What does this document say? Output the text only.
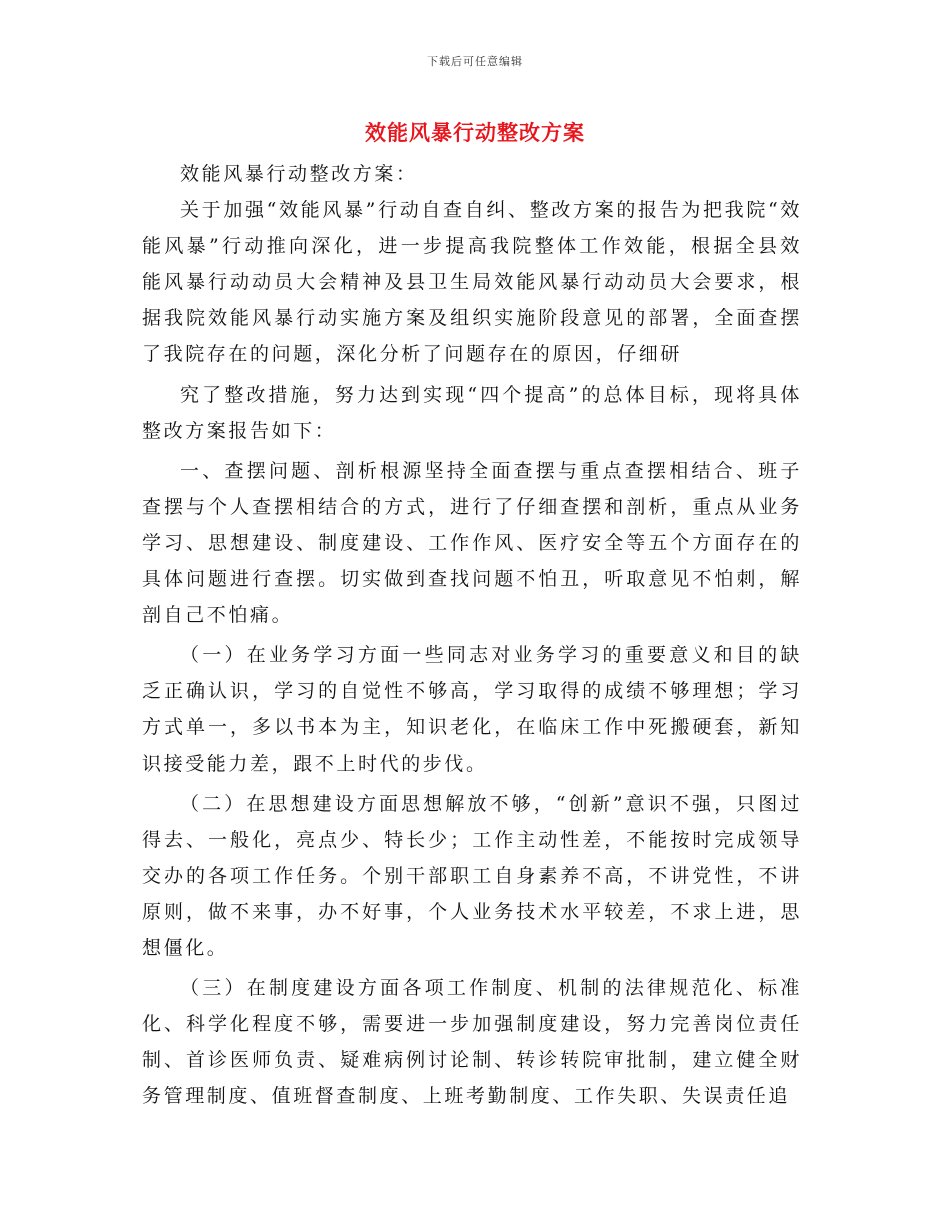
下载后可任意编辑
效能风暴行动整改方案

效能风暴行动整改方案：

关于加强“效能风暴”行动自查自纠、整改方案的报告为把我院“效能风暴”行动推向深化，进一步提高我院整体工作效能，根据全县效能风暴行动动员大会精神及县卫生局效能风暴行动动员大会要求，根据我院效能风暴行动实施方案及组织实施阶段意见的部署，全面查摆了我院存在的问题，深化分析了问题存在的原因，仔细研

究了整改措施，努力达到实现“四个提高”的总体目标，现将具体整改方案报告如下：

一、查摆问题、剖析根源坚持全面查摆与重点查摆相结合、班子查摆与个人查摆相结合的方式，进行了仔细查摆和剖析，重点从业务学习、思想建设、制度建设、工作作风、医疗安全等五个方面存在的具体问题进行查摆。切实做到查找问题不怕丑，听取意见不怕刺，解剖自己不怕痛。

（一）在业务学习方面一些同志对业务学习的重要意义和目的缺乏正确认识，学习的自觉性不够高，学习取得的成绩不够理想；学习方式单一，多以书本为主，知识老化，在临床工作中死搬硬套，新知识接受能力差，跟不上时代的步伐。

（二）在思想建设方面思想解放不够，“创新”意识不强，只图过得去、一般化，亮点少、特长少；工作主动性差，不能按时完成领导交办的各项工作任务。个别干部职工自身素养不高，不讲党性，不讲原则，做不来事，办不好事，个人业务技术水平较差，不求上进，思想僵化。

（三）在制度建设方面各项工作制度、机制的法律规范化、标准化、科学化程度不够，需要进一步加强制度建设，努力完善岗位责任制、首诊医师负责、疑难病例讨论制、转诊转院审批制，建立健全财务管理制度、值班督查制度、上班考勤制度、工作失职、失误责任追
